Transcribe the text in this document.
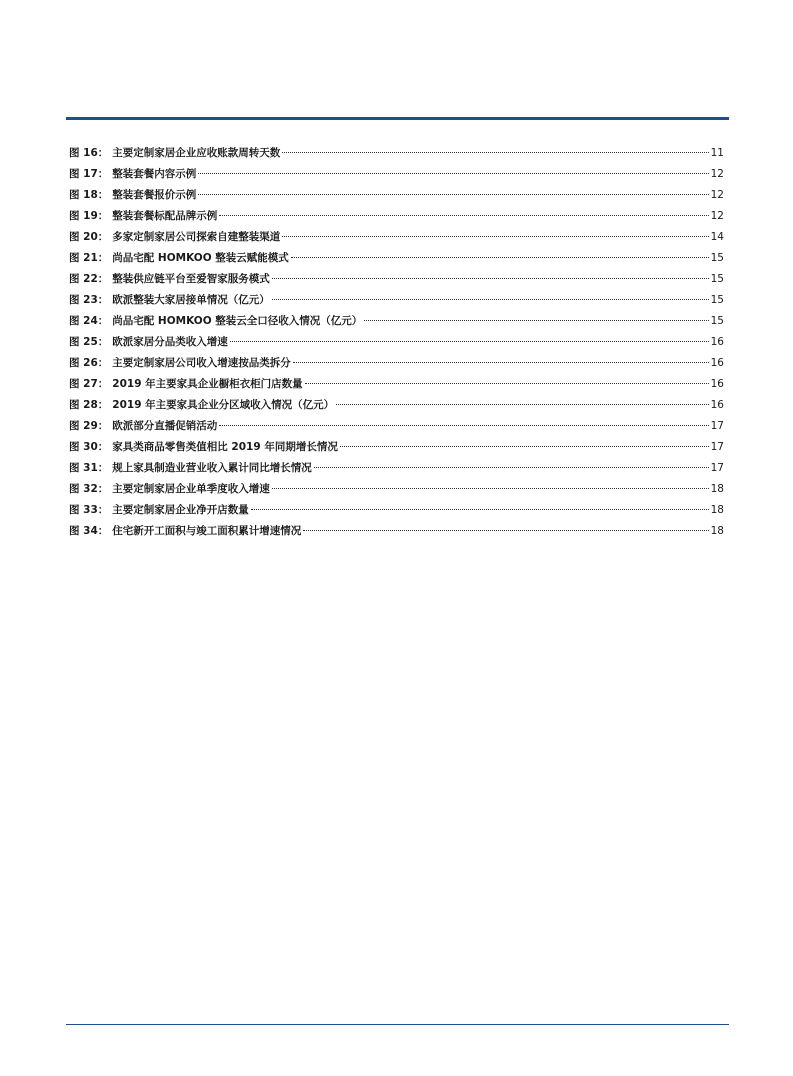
图 16： 主要定制家居企业应收账款周转天数	11
图 17： 整装套餐内容示例	12
图 18： 整装套餐报价示例	12
图 19： 整装套餐标配品牌示例	12
图 20： 多家定制家居公司探索自建整装渠道	14
图 21： 尚品宅配 HOMKOO 整装云赋能模式	15
图 22： 整装供应链平台至爱智家服务模式	15
图 23： 欧派整装大家居接单情况（亿元）	15
图 24： 尚品宅配 HOMKOO 整装云全口径收入情况（亿元）	15
图 25： 欧派家居分品类收入增速	16
图 26： 主要定制家居公司收入增速按品类拆分	16
图 27： 2019 年主要家具企业橱柜衣柜门店数量	16
图 28： 2019 年主要家具企业分区域收入情况（亿元）	16
图 29： 欧派部分直播促销活动	17
图 30： 家具类商品零售类值相比 2019 年同期增长情况	17
图 31： 规上家具制造业营业收入累计同比增长情况	17
图 32： 主要定制家居企业单季度收入增速	18
图 33： 主要定制家居企业净开店数量	18
图 34： 住宅新开工面积与竣工面积累计增速情况	18
